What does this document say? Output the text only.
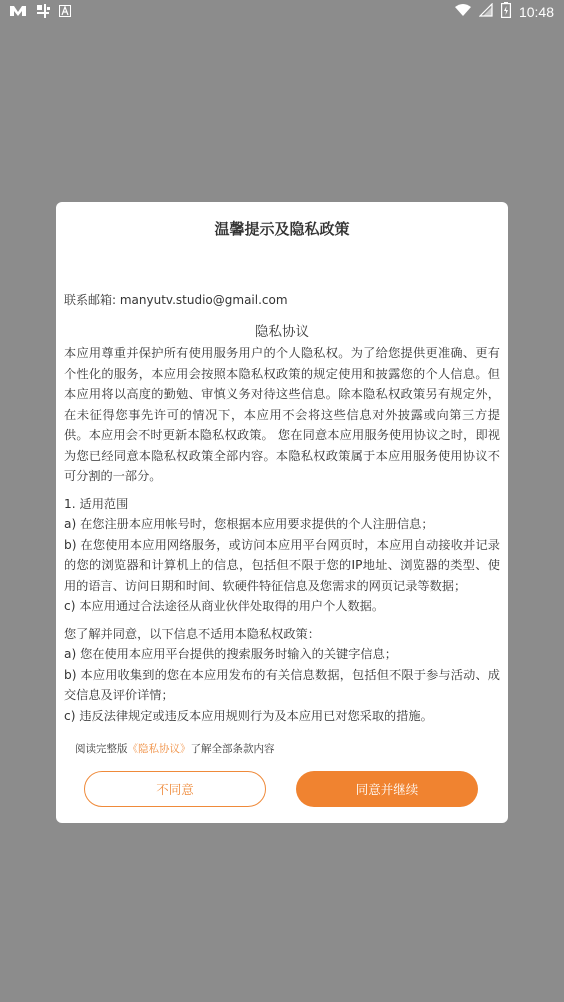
10:48
温馨提示及隐私政策
联系邮箱: manyutv.studio@gmail.com
隐私协议

本应用尊重并保护所有使用服务用户的个人隐私权。为了给您提供更准确、更有个性化的服务，本应用会按照本隐私权政策的规定使用和披露您的个人信息。但本应用将以高度的勤勉、审慎义务对待这些信息。除本隐私权政策另有规定外，在未征得您事先许可的情况下，本应用不会将这些信息对外披露或向第三方提供。本应用会不时更新本隐私权政策。 您在同意本应用服务使用协议之时，即视为您已经同意本隐私权政策全部内容。本隐私权政策属于本应用服务使用协议不可分割的一部分。

1. 适用范围

a) 在您注册本应用帐号时，您根据本应用要求提供的个人注册信息；

b) 在您使用本应用网络服务，或访问本应用平台网页时，本应用自动接收并记录的您的浏览器和计算机上的信息，包括但不限于您的IP地址、浏览器的类型、使用的语言、访问日期和时间、软硬件特征信息及您需求的网页记录等数据；

c) 本应用通过合法途径从商业伙伴处取得的用户个人数据。

您了解并同意，以下信息不适用本隐私权政策：

a) 您在使用本应用平台提供的搜索服务时输入的关键字信息；

b) 本应用收集到的您在本应用发布的有关信息数据，包括但不限于参与活动、成交信息及评价详情；

c) 违反法律规定或违反本应用规则行为及本应用已对您采取的措施。

阅读完整版《隐私协议》了解全部条款内容
不同意	同意并继续
